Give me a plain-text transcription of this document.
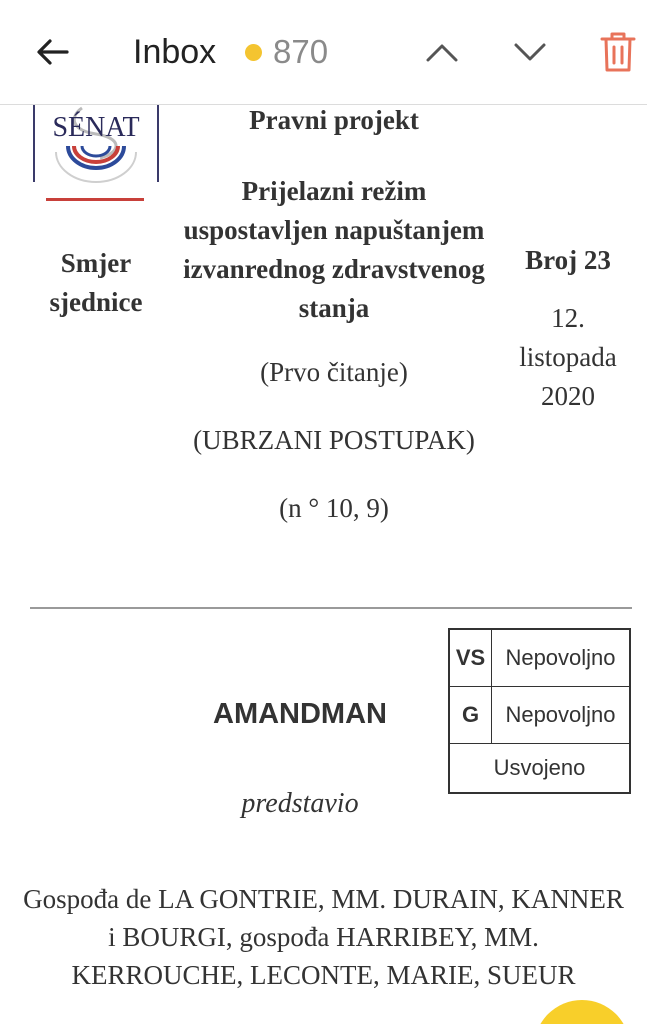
Inbox 870
SÉNAT
Smjer sjednice
Pravni projekt
Prijelazni režim uspostavljen napuštanjem izvanrednog zdravstvenog stanja
(Prvo čitanje)
(UBRZANI POSTUPAK)
(n ° 10, 9)
Broj 23
12. listopada 2020
VS Nepovoljno
G	Nepovoljno
Usvojeno
AMANDMAN
predstavio
Gospođa de LA GONTRIE, MM. DURAIN, KANNER i BOURGI, gospođa HARRIBEY, MM. KERROUCHE, LECONTE, MARIE, SUEUR
